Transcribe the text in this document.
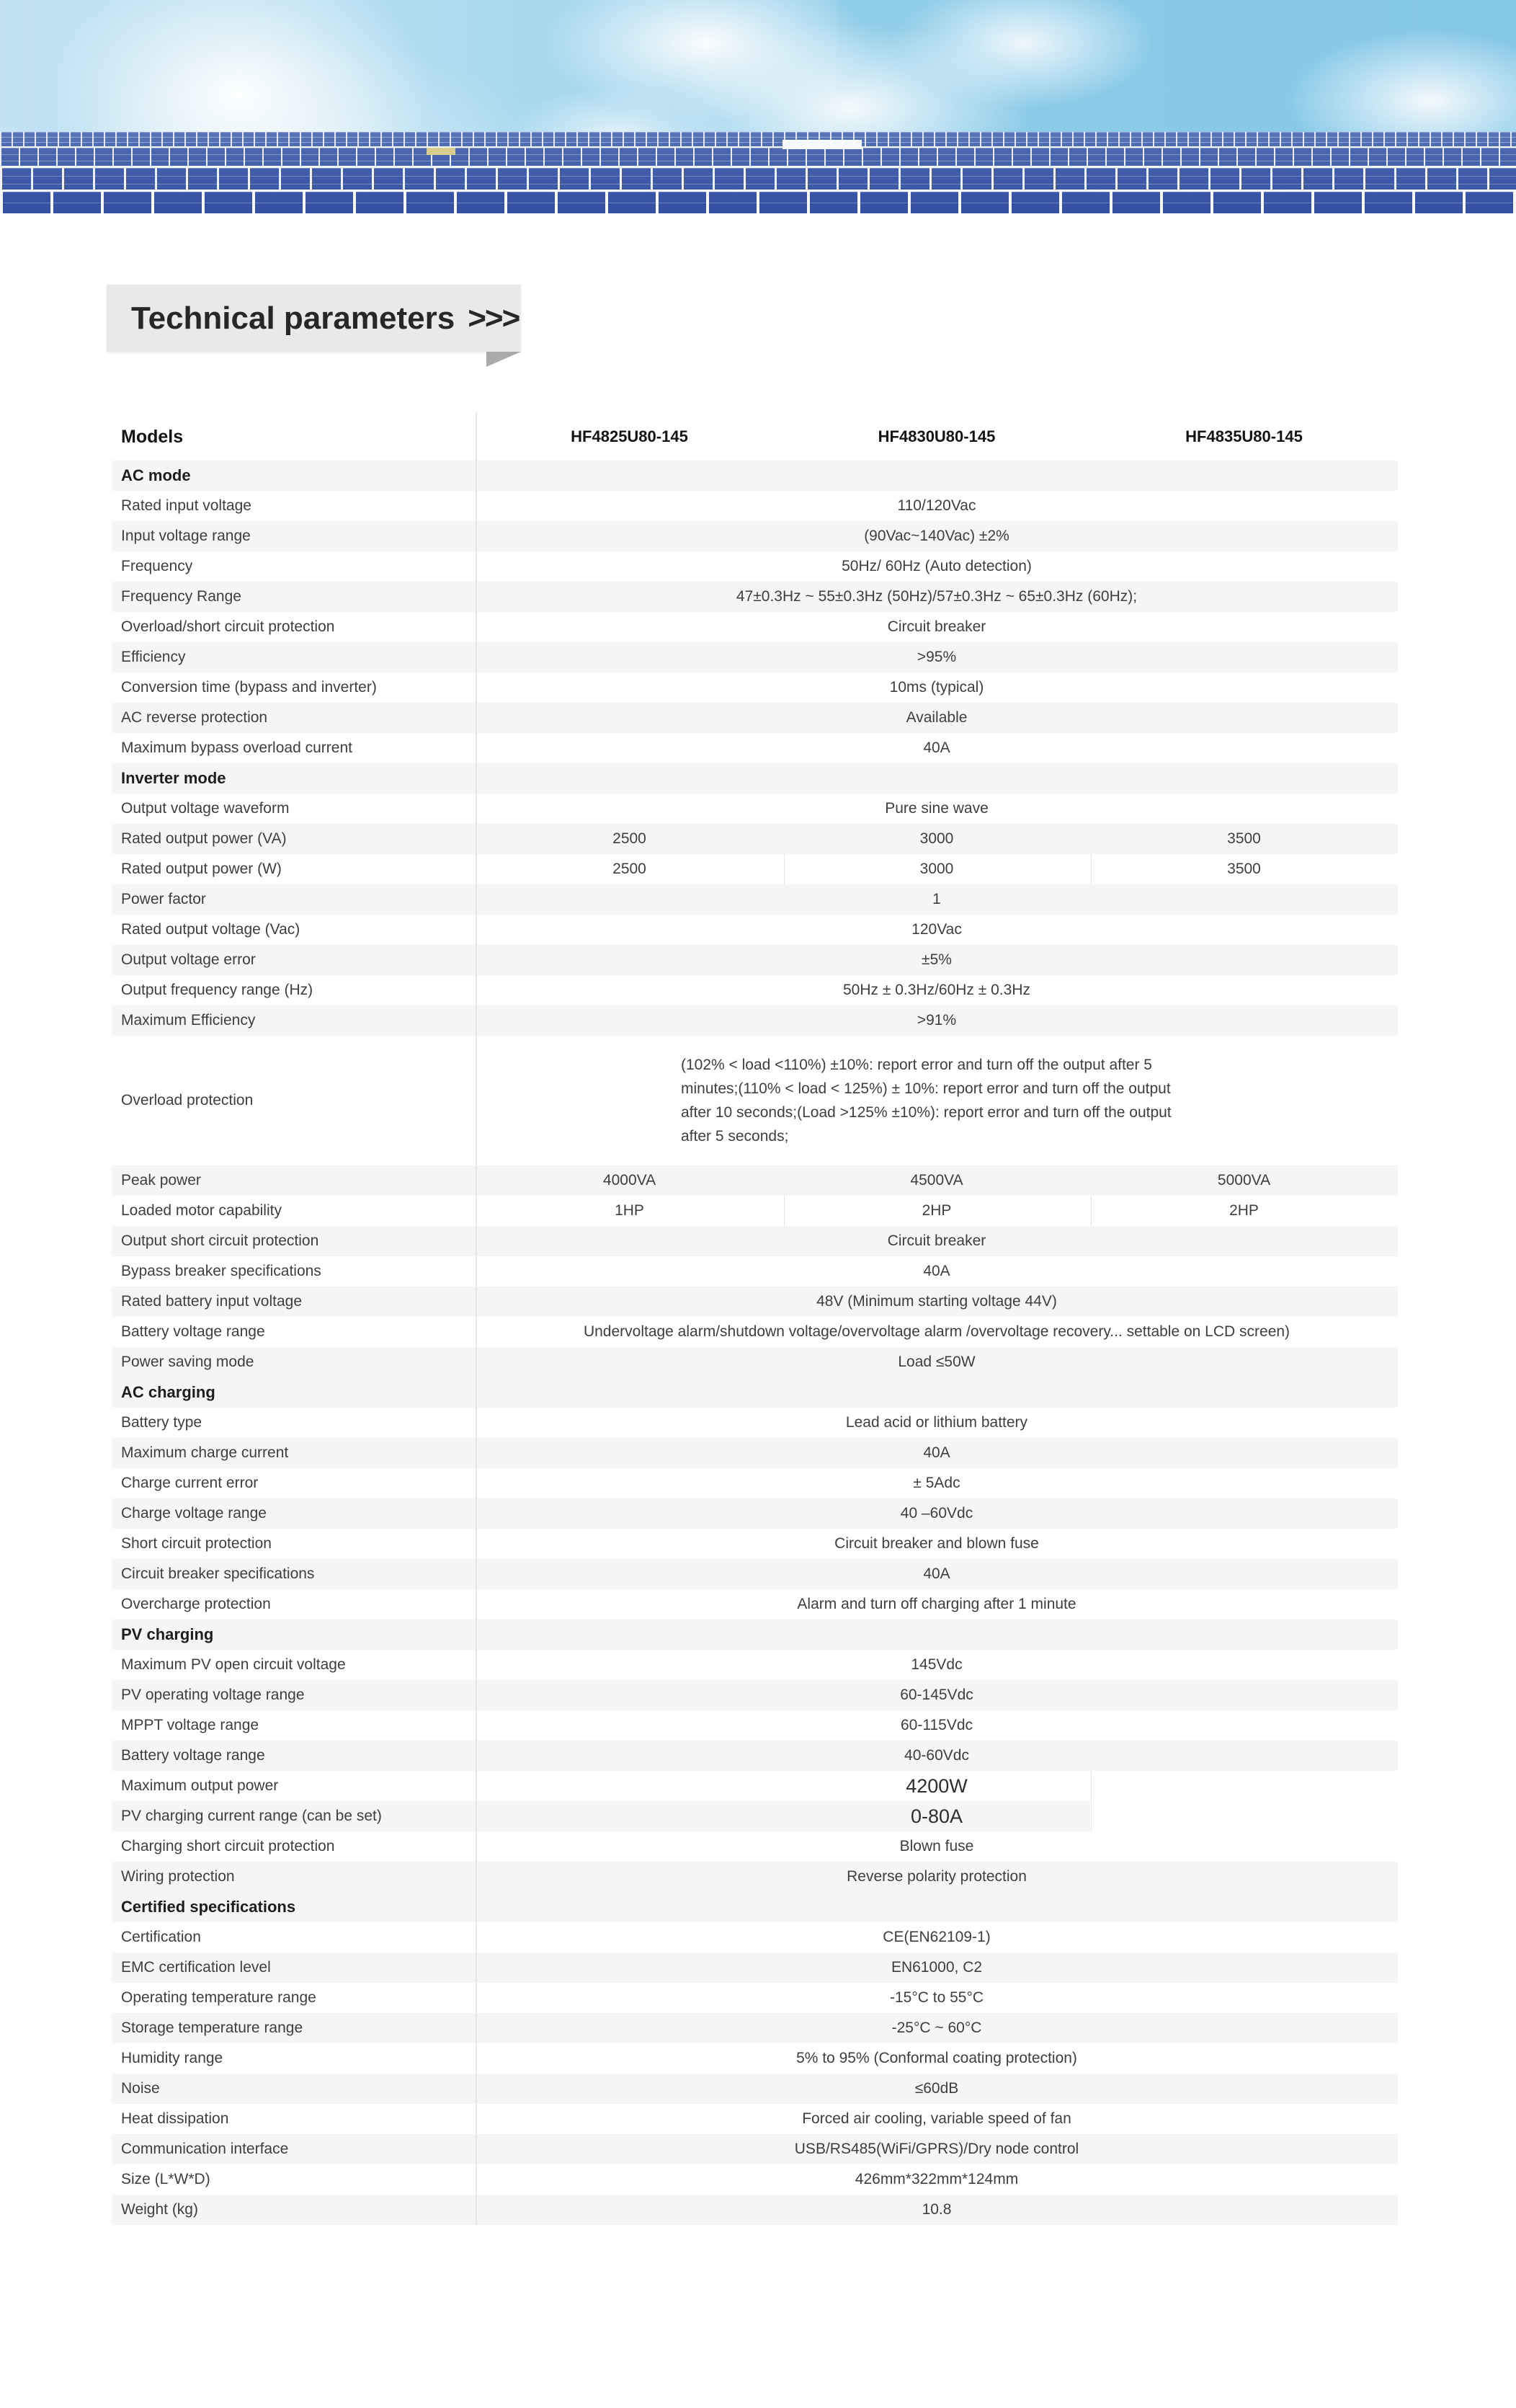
Technical parameters >>>
Models	HF4825U80-145	HF4830U80-145	HF4835U80-145
AC mode
Rated input voltage	110/120Vac
Input voltage range	(90Vac~140Vac) ±2%
Frequency	50Hz/ 60Hz (Auto detection)
Frequency Range	47±0.3Hz ~ 55±0.3Hz (50Hz)/57±0.3Hz ~ 65±0.3Hz (60Hz);
Overload/short circuit protection	Circuit breaker
Efficiency	>95%
Conversion time (bypass and inverter)	10ms (typical)
AC reverse protection	Available
Maximum bypass overload current	40A
Inverter mode
Output voltage waveform	Pure sine wave
Rated output power (VA)	2500	3000	3500
Rated output power (W)	2500	3000	3500
Power factor	1
Rated output voltage (Vac)	120Vac
Output voltage error	±5%
Output frequency range (Hz)	50Hz ± 0.3Hz/60Hz ± 0.3Hz
Maximum Efficiency	>91%
Overload protection
(102% < load <110%) ±10%: report error and turn off the output after 5 minutes;(110% < load < 125%) ± 10%: report error and turn off the output after 10 seconds;(Load >125% ±10%): report error and turn off the output after 5 seconds;
Peak power	4000VA	4500VA	5000VA
Loaded motor capability	1HP	2HP	2HP
Output short circuit protection	Circuit breaker
Bypass breaker specifications	40A
Rated battery input voltage	48V (Minimum starting voltage 44V)
Battery voltage range	Undervoltage alarm/shutdown voltage/overvoltage alarm /overvoltage recovery... settable on LCD screen)
Power saving mode	Load ≤50W
AC charging
Battery type	Lead acid or lithium battery
Maximum charge current	40A
Charge current error	± 5Adc
Charge voltage range	40 –60Vdc
Short circuit protection	Circuit breaker and blown fuse
Circuit breaker specifications	40A
Overcharge protection	Alarm and turn off charging after 1 minute
PV charging
Maximum PV open circuit voltage	145Vdc
PV operating voltage range	60-145Vdc
MPPT voltage range	60-115Vdc
Battery voltage range	40-60Vdc
Maximum output power	4200W
PV charging current range (can be set)	0-80A
Charging short circuit protection	Blown fuse
Wiring protection	Reverse polarity protection
Certified specifications
Certification	CE(EN62109-1)
EMC certification level	EN61000, C2
Operating temperature range	-15°C to 55°C
Storage temperature range	-25°C ~ 60°C
Humidity range	5% to 95% (Conformal coating protection)
Noise	≤60dB
Heat dissipation	Forced air cooling, variable speed of fan
Communication interface	USB/RS485(WiFi/GPRS)/Dry node control
Size (L*W*D)	426mm*322mm*124mm
Weight (kg)	10.8
